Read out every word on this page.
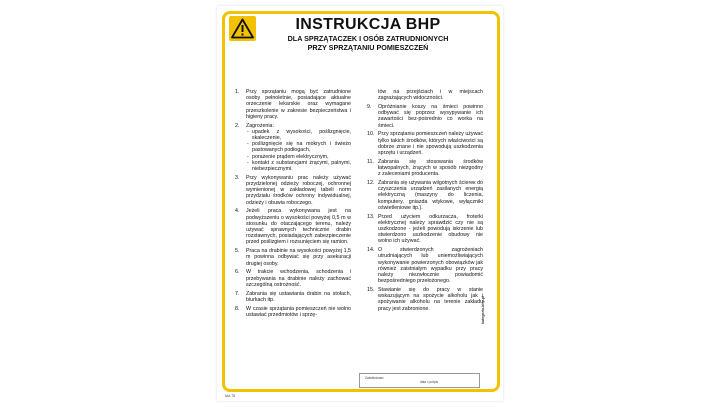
INSTRUKCJA BHP
DLA SPRZĄTACZEK I OSÓB ZATRUDNIONYCH
PRZY SPRZĄTANIU POMIESZCZEŃ
1.	Przy sprzątaniu mogą być zatrudnione osoby pełnoletnie, posiadające aktualne orzeczenie lekarskie oraz wymagane przeszkolenie w zakresie bezpieczeństwa i higieny pracy.
2.	Zagrożenia:
- upadek z wysokości, poślizgnięcie, skaleczenie,
- poślizgnięcie się na mokrych i świeżo pastowanych podłogach,
- porażenie prądem elektrycznym,
- kontakt z substancjami żrącymi, palnymi, niebezpiecznymi.
3.	Przy wykonywaniu prac należy używać przydzielonej odzieży roboczej, ochronnej wymienionej w zakładowej tabeli norm przydziału środków ochrony indywidualnej, odzieży i obuwia roboczego.
4.	Jeżeli praca wykonywana jest na podwyższeniu o wysokości powyżej 0,5 m w stosunku do otaczającego terenu, należy używać sprawnych technicznie drabin rozstawnych, posiadających zabezpieczenie przed poślizgiem i rozsunięciem się ramion.
5.	Praca na drabinie na wysokości powyżej 1,5 m powinna odbywać się przy asekuracji drugiej osoby.
6.	W trakcie wchodzenia, schodzenia i przebywania na drabinie należy zachować szczególną ostrożność.
7.	Zabrania się ustawiania drabin na stołach, biurkach itp.
8.	W czasie sprzątania pomieszczeń nie wolno ustawiać przedmiotów i sprzę-
tów na przejściach i w miejscach zagrażających widoczności.
9.	Opróżnianie koszy na śmieci powinno odbywać się poprzez wysypywanie ich zawartości bez-pośrednio co worka na śmieci.
10. Przy sprzątaniu pomieszczeń należy używać tylko takich środków, których właściwości są dobrze znane i nie spowodują uszkodzenia sprzętu i urządzeń.
11. Zabrania się stosowania środków łatwopalnych, żrących w sposób niezgodny z zaleceniami producenta.
12. Zabrania się używania wilgotnych ściereк do czyszczenia urządzeń zasilanych energią elektryczną (maszyny do liczenia, komputery, gniazda wtykowe, wyłączniki oświetleniowe itp.).
13. Przed użyciem odkurzacza, froterki elektrycznej należy sprawdzić czy nie są uszkodzone - jeżeli powodują iskrzenie lub stwierdzono uszkodzenie obudowy nie wolno ich używać.
14. O stwierdzonych zagrożeniach utrudniających lub uniemożliwiających wykonywanie powierzonych obowiązków jak również zaistniałym wypadku przy pracy należy niezwłocznie powiadomić bezpośredniego przełożonego.
15. Stawianie się do pracy w stanie wskazującym na spożycie alkoholu jak i spożywanie alkoholu na terenie zakładu pracy jest zabronione.
Zatwierdzam:
data i podpis
kategoria-bhp.pl
IAA 78
